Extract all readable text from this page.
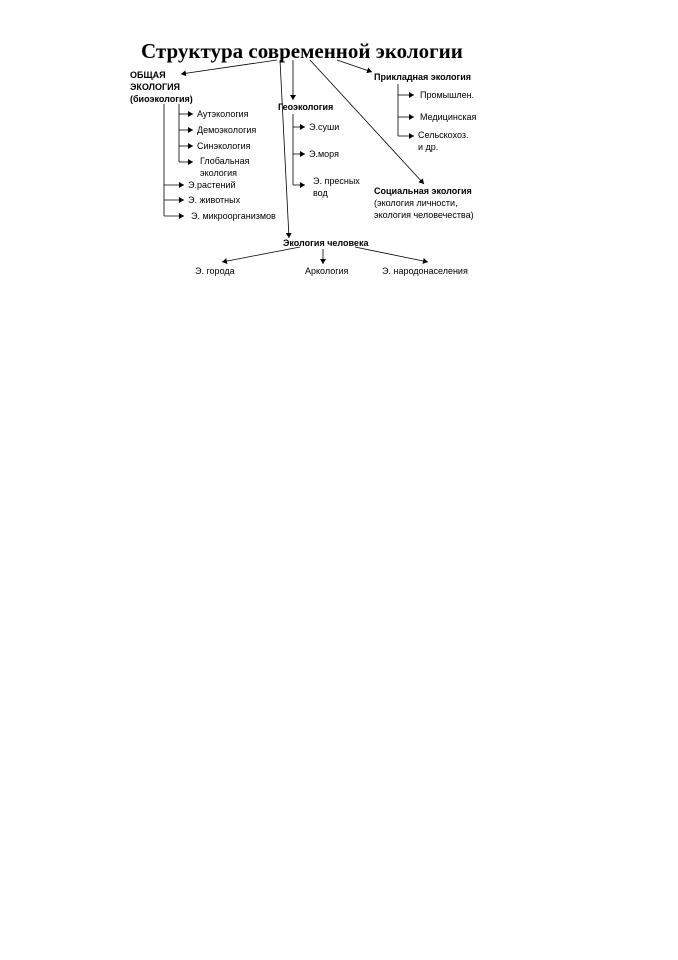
Структура современной экологии
ОБЩАЯ
ЭКОЛОГИЯ
(биоэкология)
Аутэкология
Демоэкология
Синэкология
Глобальная
экология
Э.растений
Э. животных
Э. микроорганизмов
Геоэкология
Э.суши
Э.моря
Э. пресных
вод
Прикладная экология
Промышлен.
Медицинская
Сельскохоз.
и др.
Социальная экология
(экология личности,
экология человечества)
Экология человека
Э. города	Аркология	Э. народонаселения
